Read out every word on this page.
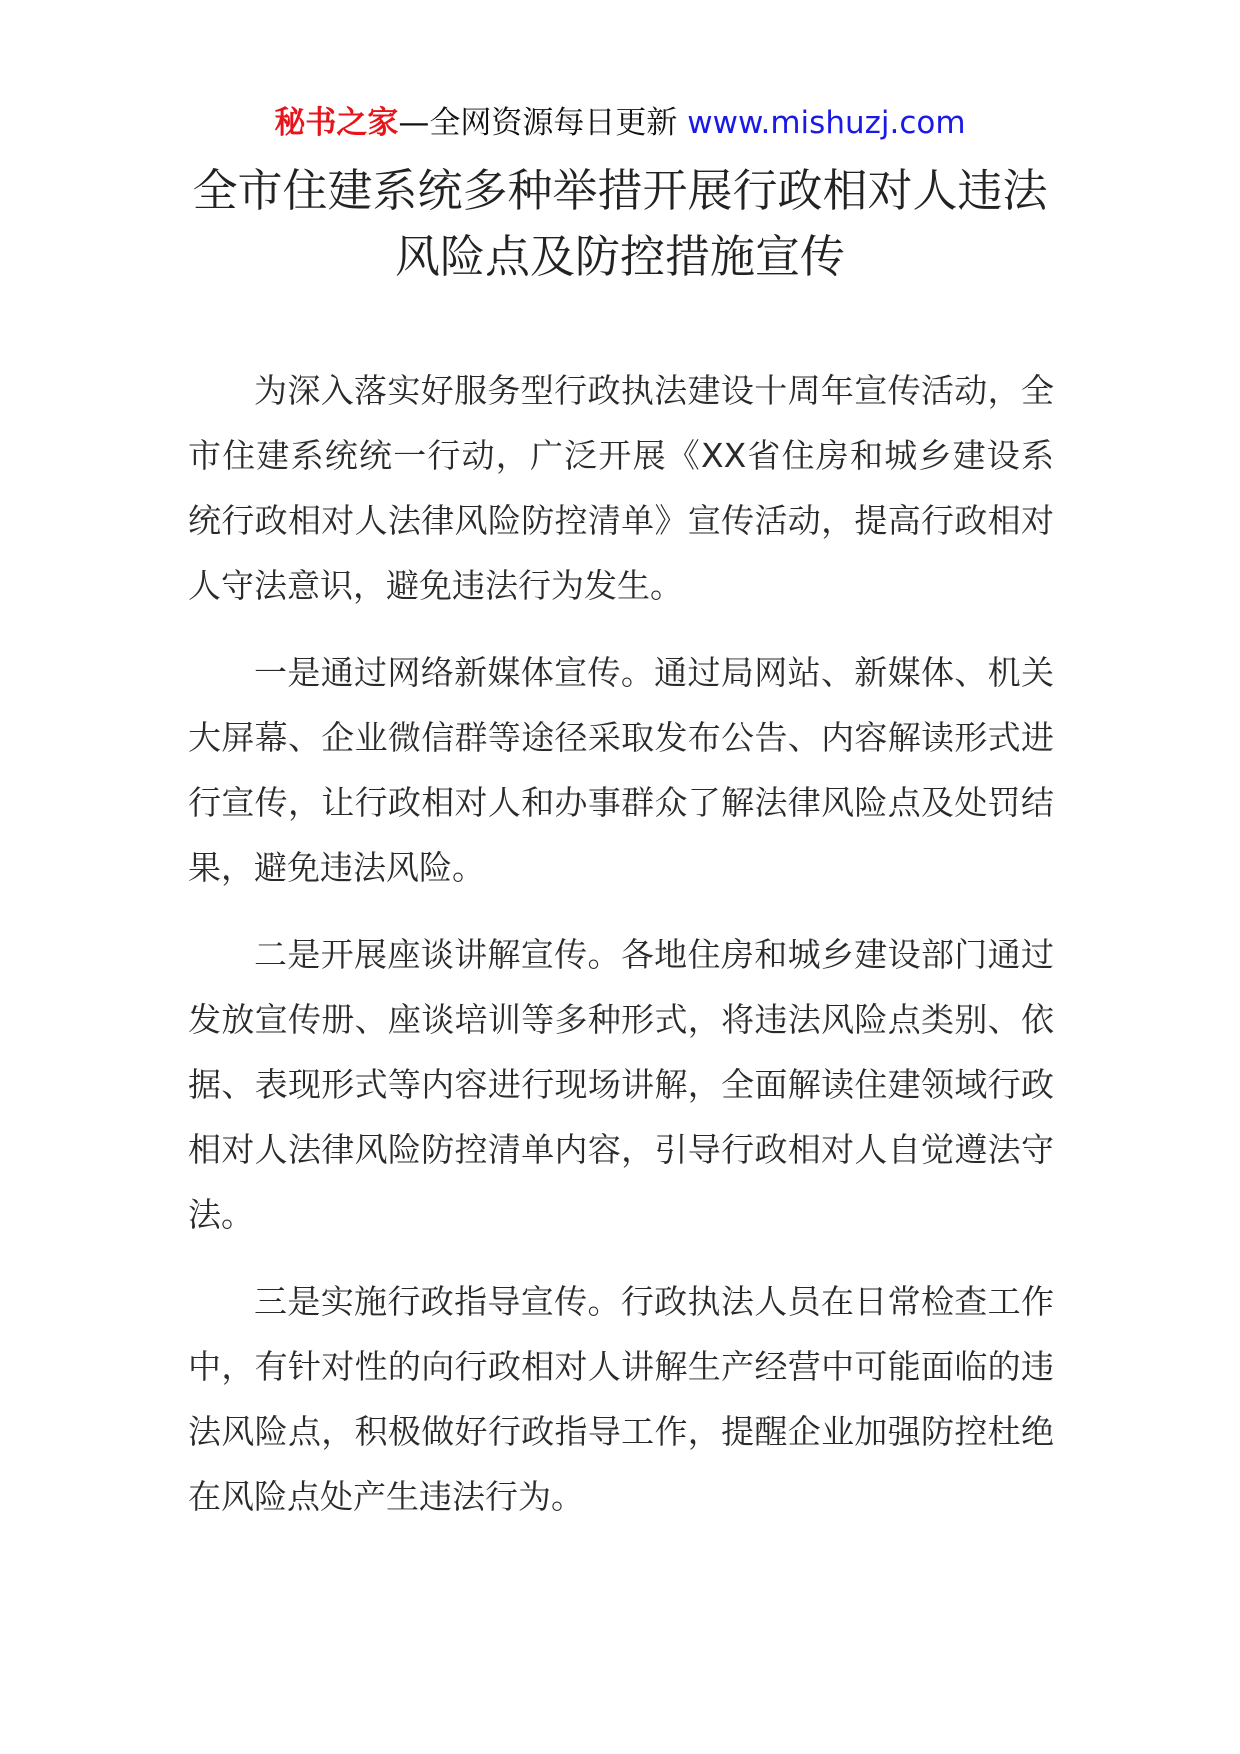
秘书之家—全网资源每日更新 www.mishuzj.com
全市住建系统多种举措开展行政相对人违法风险点及防控措施宣传

为深入落实好服务型行政执法建设十周年宣传活动，全市住建系统统一行动，广泛开展《XX省住房和城乡建设系统行政相对人法律风险防控清单》宣传活动，提高行政相对人守法意识，避免违法行为发生。

一是通过网络新媒体宣传。通过局网站、新媒体、机关大屏幕、企业微信群等途径采取发布公告、内容解读形式进行宣传，让行政相对人和办事群众了解法律风险点及处罚结果，避免违法风险。

二是开展座谈讲解宣传。各地住房和城乡建设部门通过发放宣传册、座谈培训等多种形式，将违法风险点类别、依据、表现形式等内容进行现场讲解，全面解读住建领域行政相对人法律风险防控清单内容，引导行政相对人自觉遵法守法。

三是实施行政指导宣传。行政执法人员在日常检查工作中，有针对性的向行政相对人讲解生产经营中可能面临的违法风险点，积极做好行政指导工作，提醒企业加强防控杜绝在风险点处产生违法行为。
